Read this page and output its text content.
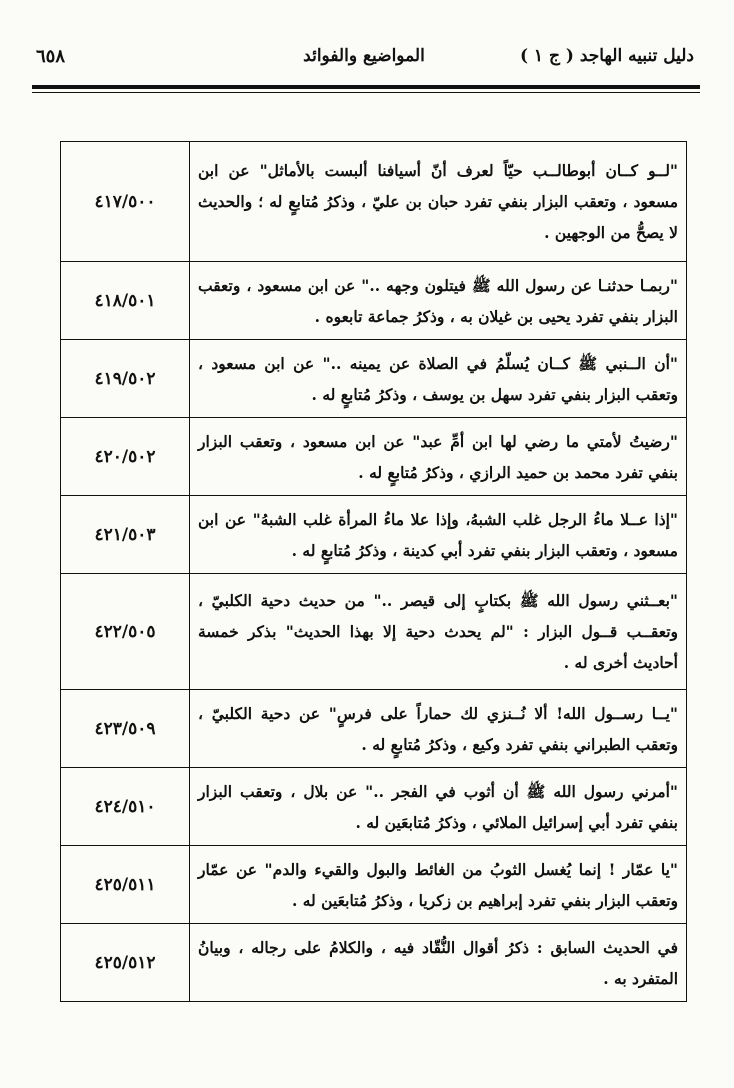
دليل تنبيه الهاجد ( ج ١ )
المواضيع والفوائد
٦٥٨
"لــو كــان أبوطالــب حيّاً لعرف أنّ أسيافنا ألبست بالأماثل" عن ابن مسعود ، وتعقب البزار بنفي تفرد حبان بن عليّ ، وذكرُ مُتابعٍ له ؛ والحديث لا يصحُّ من الوجهين .	٤١٧/٥٠٠
"ربمـا حدثنـا عن رسول الله ﷺ فيتلون وجهه .." عن ابن مسعود ، وتعقب البزار بنفي تفرد يحيى بن غيلان به ، وذكرُ جماعة تابعوه .	٤١٨/٥٠١
"أن الــنبي ﷺ كــان يُسلّمُ في الصلاة عن يمينه .." عن ابن مسعود ، وتعقب البزار بنفي تفرد سهل بن يوسف ، وذكرُ مُتابعٍ له .	٤١٩/٥٠٢
"رضيتُ لأمتي ما رضي لها ابن أمِّ عبد" عن ابن مسعود ، وتعقب البزار بنفي تفرد محمد بن حميد الرازي ، وذكرُ مُتابعٍ له .	٤٢٠/٥٠٢
"إذا عــلا ماءُ الرجل غلب الشبهُ، وإذا علا ماءُ المرأة غلب الشبهُ" عن ابن مسعود ، وتعقب البزار بنفي تفرد أبي كدينة ، وذكرُ مُتابعٍ له .	٤٢١/٥٠٣
"بعــثني رسول الله ﷺ بكتابٍ إلى قيصر .." من حديث دحية الكلبيّ ، وتعقــب قــول البزار : "لم يحدث دحية إلا بهذا الحديث" بذكر خمسة أحاديث أخرى له .	٤٢٢/٥٠٥
"يــا رســول الله! ألا نُــنزي لك حماراً على فرسٍ" عن دحية الكلبيّ ، وتعقب الطبراني بنفي تفرد وكيع ، وذكرُ مُتابعٍ له .	٤٢٣/٥٠٩
"أمرني رسول الله ﷺ أن أثوب في الفجر .." عن بلال ، وتعقب البزار بنفي تفرد أبي إسرائيل الملائي ، وذكرُ مُتابعَين له .	٤٢٤/٥١٠
"يا عمّار ! إنما يُغسل الثوبُ من الغائط والبول والقيء والدم" عن عمّار وتعقب البزار بنفي تفرد إبراهيم بن زكريا ، وذكرُ مُتابعَين له .	٤٢٥/٥١١
في الحديث السابق : ذكرُ أقوال النُّقّاد فيه ، والكلامُ على رجاله ، وبيانُ المتفرد به .	٤٢٥/٥١٢
